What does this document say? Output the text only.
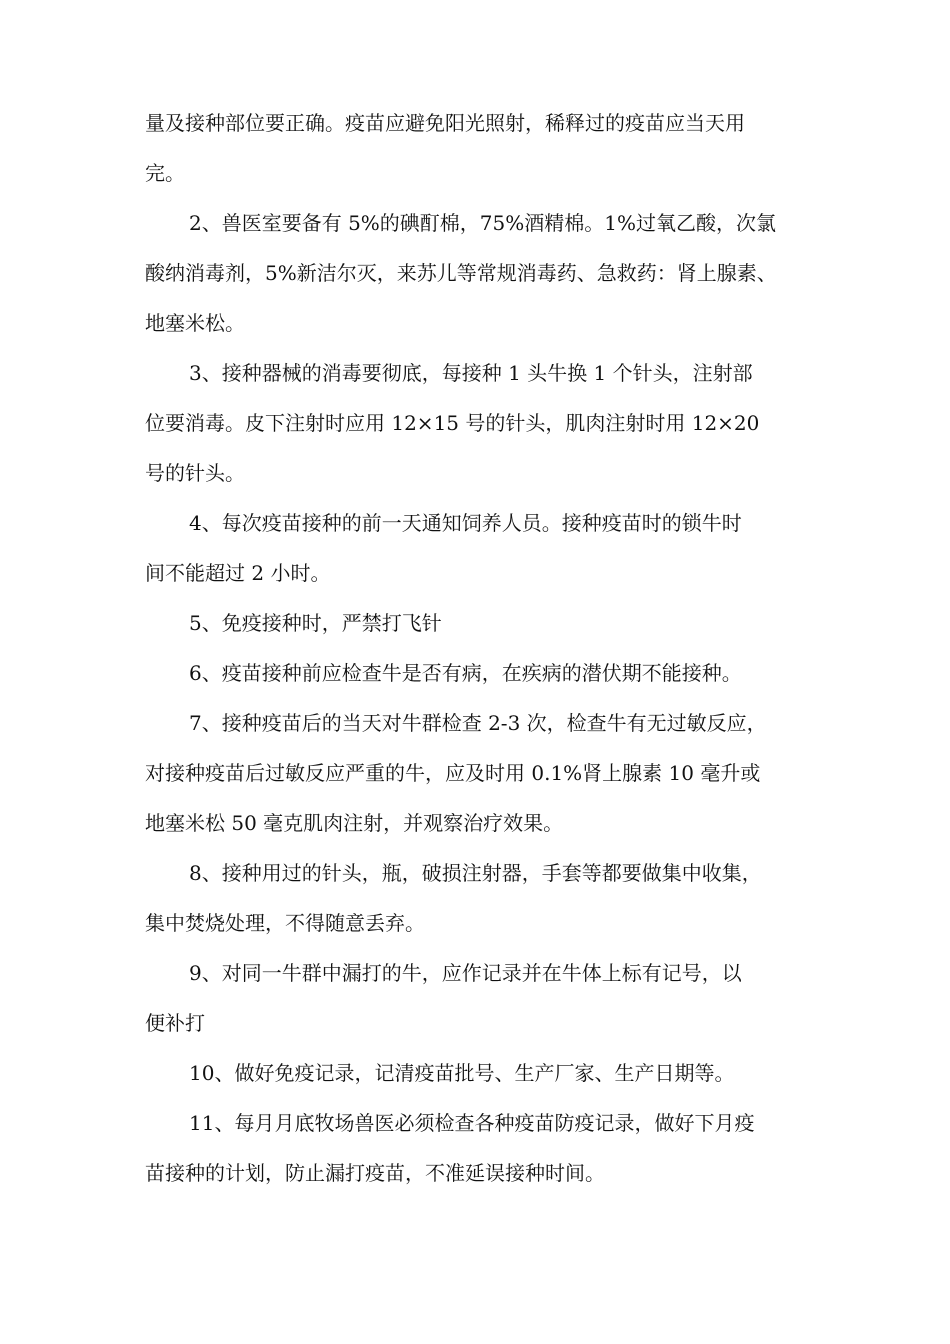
量及接种部位要正确。疫苗应避免阳光照射，稀释过的疫苗应当天用
完。

2、兽医室要备有 5%的碘酊棉，75%酒精棉。1%过氧乙酸，次氯
酸纳消毒剂，5%新洁尔灭，来苏儿等常规消毒药、急救药：肾上腺素、
地塞米松。

3、接种器械的消毒要彻底，每接种 1 头牛换 1 个针头，注射部
位要消毒。皮下注射时应用 12×15 号的针头，肌肉注射时用 12×20
号的针头。

4、每次疫苗接种的前一天通知饲养人员。接种疫苗时的锁牛时
间不能超过 2 小时。

5、免疫接种时，严禁打飞针

6、疫苗接种前应检查牛是否有病，在疾病的潜伏期不能接种。

7、接种疫苗后的当天对牛群检查 2-3 次，检查牛有无过敏反应，
对接种疫苗后过敏反应严重的牛，应及时用 0.1%肾上腺素 10 毫升或
地塞米松 50 毫克肌肉注射，并观察治疗效果。

8、接种用过的针头，瓶，破损注射器，手套等都要做集中收集，
集中焚烧处理，不得随意丢弃。

9、对同一牛群中漏打的牛，应作记录并在牛体上标有记号，以
便补打

10、做好免疫记录，记清疫苗批号、生产厂家、生产日期等。

11、每月月底牧场兽医必须检查各种疫苗防疫记录，做好下月疫
苗接种的计划，防止漏打疫苗，不准延误接种时间。
